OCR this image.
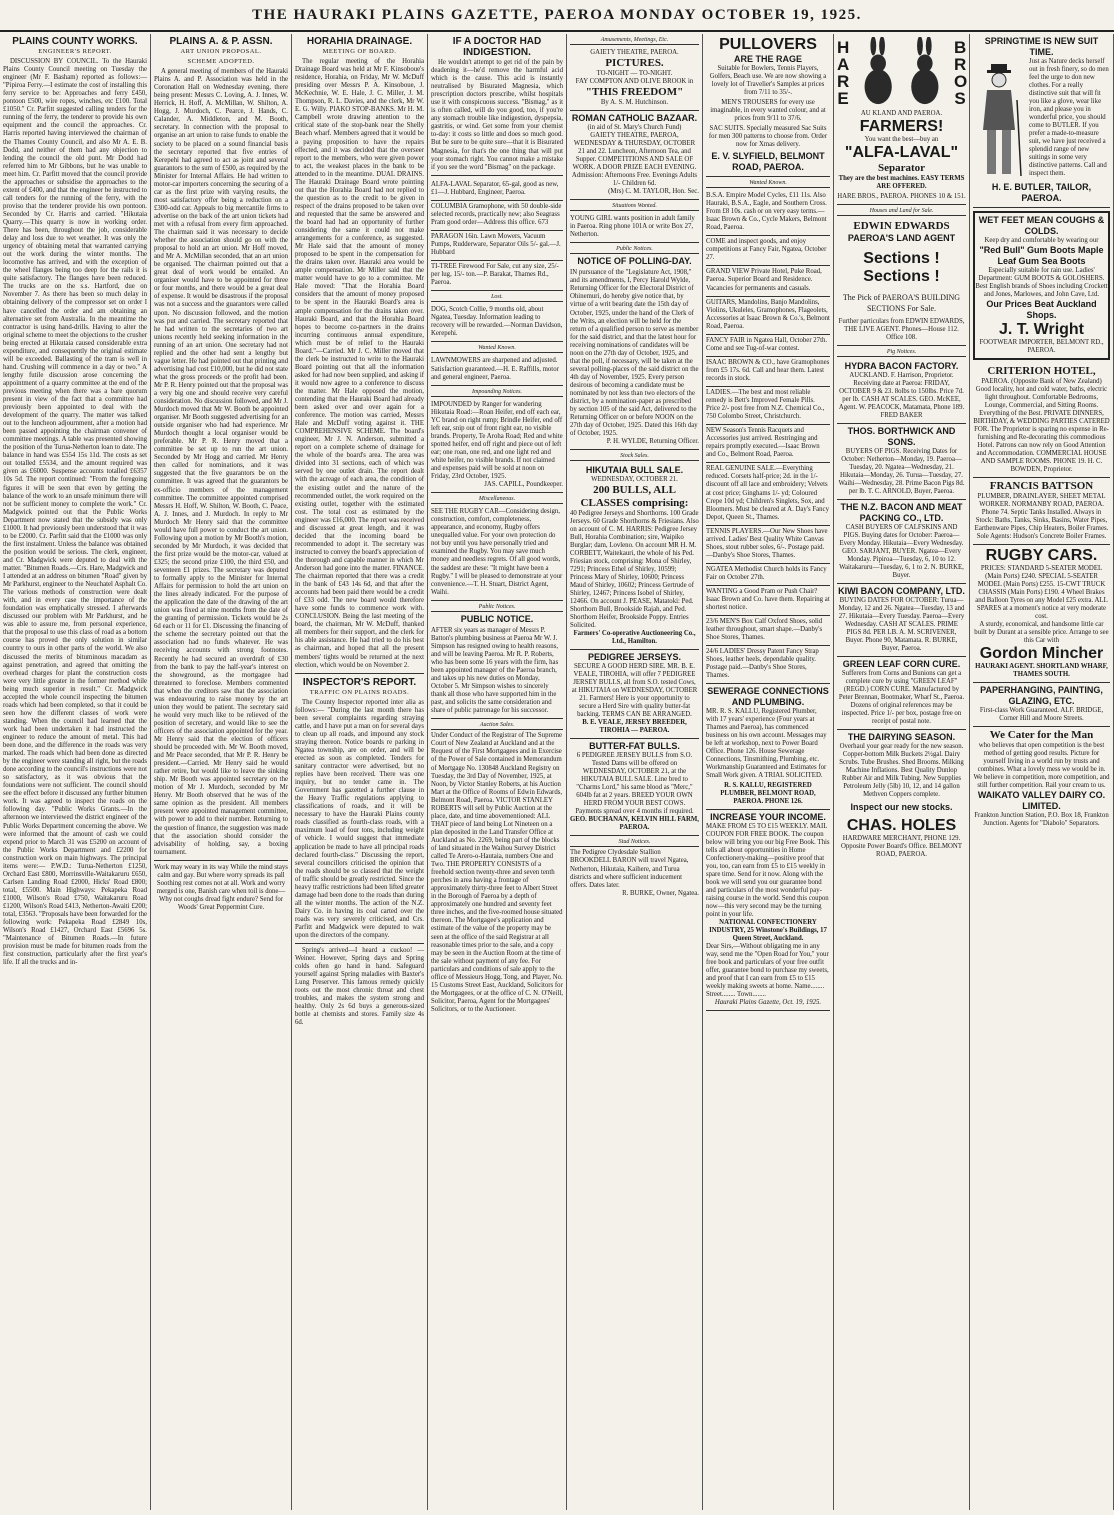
THE HAURAKI PLAINS GAZETTE, PAEROA MONDAY OCTOBER 19, 1925.
PLAINS COUNTY WORKS.
ENGINEER'S REPORT.

DISCUSSION BY COUNCIL. To the Hauraki Plains County Council meeting on Tuesday the engineer (Mr F. Basham) reported as follows:— "Pipiroa Ferry.—I estimate the cost of installing this ferry service to be: Approaches and ferry £450, pontoon £500, wire ropes, winches, etc £100. Total £1050." Cr. Parfitt suggested calling tenders for the running of the ferry, the tenderer to provide his own equipment and the council the approaches. Cr. Harris reported having interviewed the chairman of the Thames County Council, and also Mr A. E. B. Dodd, and neither of them had any objection to lending the council the old punt. Mr Dodd had referred him to Mr Gibbons, but he was unable to meet him. Cr. Parfitt moved that the council provide the approaches or subsidise the approaches to the extent of £400, and that the engineer be instructed to call tenders for the running of the ferry, with the proviso that the tenderer provide his own pontoon. Seconded by Cr. Harris and carried. "Hikutaia Quarry.—This quarry is now in working order. There has been, throughout the job, considerable delay and loss due to wet weather. It was only the urgency of obtaining metal that warranted carrying out the work during the winter months. The locomotive has arrived, and with the exception of the wheel flanges being too deep for the rails it is quite satisfactory. The flanges have been reduced. The trucks are on the s.s. Hartford, due on November 7. As there has been so much delay in obtaining delivery of the compressor set on order I have cancelled the order and am obtaining an alternative set from Australia. In the meantime the contractor is using hand-drills. Having to alter the original scheme to meet the objections to the crusher being erected at Hikutaia caused considerable extra expenditure, and consequently the original estimate will be exceeded. Ballasting of the tram is well in hand. Crushing will commence in a day or two." A lengthy futile discussion arose concerning the appointment of a quarry committee at the end of the previous meeting when there was a bare quorum present in view of the fact that a committee had previously been appointed to deal with the development of the quarry. The matter was talked out to the luncheon adjournment, after a motion had been passed appointing the chairman convener of committee meetings. A table was presented showing the position of the Turua-Netherton loan to date. The balance in hand was £554 15s 11d. The costs as set out totalled £5534, and the amount required was given as £6000. Suspense accounts totalled £6357 10s 5d. The report continued: "From the foregoing figures it will be seen that even by getting the balance of the work to an unsafe minimum there will not be sufficient money to complete the work." Cr. Madgwick pointed out that the Public Works Department now stated that the subsidy was only £1000. It had previously been understood that it was to be £2000. Cr. Parfitt said that the £1000 was only the first instalment. Unless the balance was obtained the position would be serious. The clerk, engineer, and Cr. Madgwick were deputed to deal with the matter. "Bitumen Roads.—Crs. Hare, Madgwick and I attended at an address on bitumen "Road" given by Mr Parkhurst, engineer to the Neuchatel Asphalt Co. The various methods of construction were dealt with, and in every case the importance of the foundation was emphatically stressed. I afterwards discussed our problem with Mr Parkhurst, and he was able to assure me, from personal experience, that the proposal to use this class of road as a bottom course has proved the only solution in similar country to ours in other parts of the world. We also discussed the merits of bituminous macadam as against penetration, and agreed that omitting the overhead charges for plant the construction costs were very little greater in the former method while being much superior in result." Cr. Madgwick accepted the whole council inspecting the bitumen roads which had been completed, so that it could be seen how the different classes of work were standing. When the council had learned that the work had been undertaken it had instructed the engineer to reduce the amount of metal. This had been done, and the difference in the roads was very marked. The roads which had been done as directed by the engineer were standing all right, but the roads done according to the council's instructions were not so satisfactory, as it was obvious that the foundations were not sufficient. The council should see the effect before it discussed any further bitumen work. It was agreed to inspect the roads on the following day. "Public Works Grants.—In the afternoon we interviewed the district engineer of the Public Works Department concerning the above. We were informed that the amount of cash we could expend prior to March 31 was £5200 on account of the Public Works Department and £2200 for construction work on main highways. The principal items were:— P.W.D.: Turua-Netherton £1250, Orchard East £800, Morrinsville-Waitakaruru £650, Carlsen Landing Road £2000, Hicks' Road £800; total, £5500. Main Highways: Pekapeka Road £1000, Wilson's Road £750, Waitakaruru Road £1200, Wilson's Road £413, Netherton-Awaiti £200; total, £3563. "Proposals have been forwarded for the following work: Pekapeka Road £2849 10s, Wilson's Road £1427, Orchard East £5696 5s. "Maintenance of Bitumen Roads.—In future provision must be made for bitumen roads from the first construction, particularly after the first year's life. If all the trucks and in-

PLAINS A. & P. ASSN.
ART UNION PROPOSAL.
SCHEME ADOPTED.

A general meeting of members of the Hauraki Plains A. and P. Association was held in the Coronation Hall on Wednesday evening, there being present: Messrs C. Loving, A. J. Innes, W. Herrick, H. Hoff, A. McMillan, W. Shilton, A. Hogg, J. Murdoch, C. Pearce, J. Hands, C. Calander, A. Middleton, and M. Booth, secretary. In connection with the proposal to organise an art union to raise funds to enable the society to be placed on a sound financial basis the secretary reported that five entries of Kerepehi had agreed to act as joint and several guarantors to the sum of £500, as required by the Minister for Internal Affairs. He had written to motor-car importers concerning the securing of a car as the first prize with varying results, the most satisfactory offer being a reduction on a £300-odd car. Appeals to big mercantile firms to advertise on the back of the art union tickets had met with a refusal from every firm approached. The chairman said it was necessary to decide whether the association should go on with the proposal to hold an art union. Mr Hoff moved, and Mr A. McMillan seconded, that an art union be organised. The chairman pointed out that a great deal of work would be entailed. An organiser would have to be appointed for three or four months, and there would be a great deal of expense. It would be disastrous if the proposal was not a success and the guarantors were called upon. No discussion followed, and the motion was put and carried. The secretary reported that he had written to the secretaries of two art unions recently held seeking information in the running of an art union. One secretary had not replied and the other had sent a lengthy but vague letter. He had pointed out that printing and advertising had cost £10,000, but he did not state what the gross proceeds or the profit had been. Mr P. R. Henry pointed out that the proposal was a very big one and should receive very careful consideration. No discussion followed, and Mr J. Murdoch moved that Mr W. Booth be appointed organiser. Mr Booth suggested advertising for an outside organiser who had had experience. Mr Murdoch thought a local organiser would be preferable. Mr P. R. Henry moved that a committee be set up to run the art union. Seconded by Mr Hogg and carried. Mr Henry then called for nominations, and it was suggested that the five guarantors be on the committee. It was agreed that the guarantors be ex-officio members of the management committee. The committee appointed comprised Messrs H. Hoff, W. Shilton, W. Booth, C. Peace, A. J. Innes, and J. Murdoch. In reply to Mr Murdoch Mr Henry said that the committee would have full power to conduct the art union. Following upon a motion by Mr Booth's motion, seconded by Mr Murdoch, it was decided that the first prize would be the motor-car, valued at £325; the second prize £100, the third £50, and seventeen £1 prizes. The secretary was deputed to formally apply to the Minister for Internal Affairs for permission to hold the art union on the lines already indicated. For the purpose of the application the date of the drawing of the art union was fixed at nine months from the date of the granting of permission. Tickets would be 2s 6d each or 11 for £1. Discussing the financing of the scheme the secretary pointed out that the association had no funds whatever. He was receiving accounts with strong footnotes. Recently he had secured an overdraft of £30 from the bank to pay the half-year's interest on the showground, as the mortgagee had threatened to foreclose. Members commented that when the creditors saw that the association was endeavouring to raise money by the art union they would be patient. The secretary said he would very much like to be relieved of the position of secretary, and would like to see the officers of the association appointed for the year. Mr Henry said that the election of officers should be proceeded with. Mr W. Booth moved, and Mr Peace seconded, that Mr P. R. Henry be president.—Carried. Mr Henry said he would rather retire, but would like to leave the sinking ship. Mr Booth was appointed secretary on the motion of Mr J. Murdoch, seconded by Mr Henry. Mr Booth observed that he was of the same opinion as the president. All members present were appointed management committee, with power to add to their number. Returning to the question of finance, the suggestion was made that the association should consider the advisability of holding, say, a boxing tournament.

Work may weary in its way While the mind stays calm and gay. But where worry spreads its pall Soothing rest comes not at all. Work and worry merged is one, Banish care when toil is done— Why not coughs dread fight endure? Send for Woods' Great Peppermint Cure.

HORAHIA DRAINAGE.
MEETING OF BOARD.

The regular meeting of the Horahia Drainage Board was held at Mr F. Kinsoboue's residence, Horahia, on Friday, Mr W. McDuff presiding over Messrs P. A. Kinsoboue, J. McKechnie, W. E. Hale, J. C. Miller, J. M. Thompson, R. L. Davies, and the clerk, Mr W. E. G. Willy. PIAKO STOP-BANKS. Mr H. M. Campbell wrote drawing attention to the critical state of the stop-bank near the Shelly Beach wharf. Members agreed that it would be a paying proposition to have the repairs effected, and it was decided that the overseer report to the members, who were given power to act, the weakest places in the bank to be attended to in the meantime. DUAL DRAINS. The Hauraki Drainage Board wrote pointing out that the Horahia Board had not replied to the question as to the credit to be given in respect of the drains proposed to be taken over and requested that the same be answered and the board had had an opportunity of further considering the same it could not make arrangements for a conference, as suggested. Mr Hale said that the amount of money proposed to be spent in the compensation for the drains taken over. Hauraki area would be ample compensation. Mr Miller said that the matter would have to go to a committee. Mr Hale moved: "That the Horahia Board considers that the amount of money proposed to be spent in the Hauraki Board's area is ample compensation for the drains taken over. Hauraki Board, and that the Horahia Board hopes to become co-partners in the drains incurring continuous annual expenditure, which must be of relief to the Hauraki Board."—Carried. Mr J. C. Miller moved that the clerk be instructed to write to the Hauraki Board pointing out that all the information asked for had now been supplied, and asking if it would now agree to a conference to discuss the matter. Mr Hale opposed the motion, contending that the Hauraki Board had already been asked over and over again for a conference. The motion was carried, Messrs Hale and McDuff voting against it. THE COMPREHENSIVE SCHEME. The board's engineer, Mr J. N. Anderson, submitted a report on a complete scheme of drainage for the whole of the board's area. The area was divided into 31 sections, each of which was served by one outlet drain. The report dealt with the acreage of each area, the condition of the existing outlet and the nature of the recommended outlet, the work required on the existing outlet, together with the estimated cost. The total cost as estimated by the engineer was £16,000. The report was received and discussed at great length, and it was decided that the incoming board be recommended to adopt it. The secretary was instructed to convey the board's appreciation of the thorough and capable manner in which Mr Anderson had gone into the matter. FINANCE. The chairman reported that there was a credit in the bank of £43 14s 6d, and that after the accounts had been paid there would be a credit of £33 odd. The new board would therefore have some funds to commence work with. CONCLUSION. Being the last meeting of the board, the chairman, Mr W. McDuff, thanked all members for their support, and the clerk for his able assistance. He had tried to do his best as chairman, and hoped that all the present members' tights would be returned at the next election, which would be on November 2.

INSPECTOR'S REPORT.
TRAFFIC ON PLAINS ROADS.

The County Inspector reported inter alia as follows:— "During the last month there has been several complaints regarding straying cattle, and I have put a man on for several days to clean up all roads, and impound any stock straying thereon. Notice boards re parking in Ngatea township, are on order, and will be erected as soon as completed. Tenders for sanitary contractor were advertised, but no replies have been received. There was one inquiry, but no tender came in. The Government has gazetted a further clause in the Heavy Traffic regulations applying to classifications of roads, and it will be necessary to have the Hauraki Plains county roads classified as fourth-class roads, with a maximum load of four tons, including weight of vehicle. I would suggest that immediate application be made to have all principal roads declared fourth-class." Discussing the report, several councillors criticised the opinion that the roads should be so classed that the weight of traffic should be greatly restricted. Since the heavy traffic restrictions had been lifted greater damage had been done to the roads than during all the winter months. The action of the N.Z. Dairy Co. in having its coal carted over the roads was very severely criticised, and Crs. Parfitt and Madgwick were deputed to wait upon the directors of the company.

Spring's arrived—I heard a cuckoo! —Weiner. However, Spring days and Spring colds often go hand in hand. Safeguard yourself against Spring maladies with Baxter's Lung Preserver. This famous remedy quickly roots out the most chronic throat and chest troubles, and makes the system strong and healthy. Only 2s 6d buys a generous-sized bottle at chemists and stores. Family size 4s 6d.

IF A DOCTOR HAD INDIGESTION.

He wouldn't attempt to get rid of the pain by deadening it—he'd remove the harmful acid which is the cause. This acid is instantly neutralised by Bisurated Magnesia, which prescription doctors prescribe, whilst hospitals use it with conspicuous success. "Bismag," as it is often called, will do you good, too, if you're any stomach trouble like indigestion, dyspepsia, gastritis, or wind. Get some from your chemist to-day: it costs so little and does so much good. But be sure to be quite sure—that it is Bisurated Magnesia, for that's the one thing that will put your stomach right. You cannot make a mistake if you see the word "Bismag" on the package.

ALFA-LAVAL Separator, 65-gal, good as new, £1—J. Hubbard, Engineer, Paeroa.
COLUMBIA Gramophone, with 50 double-side selected records, practically new; also Seagrass Pram good order—Address this office. 673
PARAGON 16in. Lawn Mowers, Vacuum Pumps, Rudderware, Separator Oils 5/- gal.—J. Hubbard
TI-TREE Firewood For Sale, cut any size, 25/- per lug, 15/- ton.—P. Barakat, Thames Rd., Paeroa.
Lost.
DOG, Scotch Collie, 9 months old, about Ngatea, Tuesday. Information leading to recovery will be rewarded.—Norman Davidson, Kerepehi.
Wanted Known.
LAWNMOWERS are sharpened and adjusted. Satisfaction guaranteed.—H. E. Raffills, motor and general engineer, Paeroa.
Impounding Notices.
IMPOUNDED by Ranger for wandering Hikutaia Road:—Roan Heifer, end off each ear, YC brand on right rump; Brindle Heifer, end off left ear, snip out of front right ear, no visible brands. Property, Te Aroha Road; Red and white spotted heifer, end off right and piece out of left ear; one roan, one red, and one light red and white heifer, no visible brands. If not claimed and expenses paid will be sold at noon on Friday, 23rd October, 1925.

JAS. CAPILL, Poundkeeper.
Miscellaneous.
SEE THE RUGBY CAR—Considering design, construction, comfort, completeness, appearance, and economy, Rugby offers unequalled value. For your own protection do not buy until you have personally tried and examined the Rugby. You may save much money and needless regrets. Of all good words, the saddest are these: "It might have been a Rugby." I will be pleased to demonstrate at your convenience.—T. H. Stuart, District Agent, Waihi.
Public Notices.
PUBLIC NOTICE.
AFTER six years as manager of Messrs P. Batton's plumbing business at Paeroa Mr W. J. Simpson has resigned owing to health reasons, and will be leaving Paeroa. Mr R. P. Roberts, who has been some 16 years with the firm, has been appointed manager of the Paeroa branch, and takes up his new duties on Monday, October 5. Mr Simpson wishes to sincerely thank all those who have supported him in the past, and solicits the same consideration and share of public patronage for his successor.
Auction Sales.
Under Conduct of the Registrar of The Supreme Court of New Zealand at Auckland and at the Request of the First Mortgagees and in Exercise of the Power of Sale contained in Memorandum of Mortgage No. 130848 Auckland Registry on Tuesday, the 3rd Day of November, 1925, at Noon, by Victor Stanley Roberts, at his Auction Mart at the Office of Rooms of Edwin Edwards, Belmont Road, Paeroa. VICTOR STANLEY ROBERTS will sell by Public Auction at the place, date, and time abovementioned: ALL THAT piece of land being Lot Nineteen on a plan deposited in the Land Transfer Office at Auckland as No. 2269, being part of the blocks of land situated in the Waihou Survey District called Te Arero-o-Hautaia, numbers One and Two. THE PROPERTY CONSISTS of a freehold section twenty-three and seven tenth perches in area having a frontage of approximately thirty-three feet to Albert Street in the Borough of Paeroa by a depth of approximately one hundred and seventy feet three inches, and the five-roomed house situated thereon. The Mortgagee's application and estimate of the value of the property may be seen at the office of the said Registrar at all reasonable times prior to the sale, and a copy may be seen in the Auction Room at the time of the sale without payment of any fee. For particulars and conditions of sale apply to the office of Messieurs Hogg, Tong, and Player, No. 15 Customs Street East, Auckland, Solicitors for the Mortgagees, or at the office of C. N. O'Neill, Solicitor, Paeroa, Agent for the Mortgagees' Solicitors, or to the Auctioneer.
Amusements, Meetings, Etc.
GAIETY THEATRE, PAEROA.
PICTURES.
TO-NIGHT — TO-NIGHT.
FAY COMPTON AND OLIVE BROOK in
"THIS FREEDOM"
By A. S. M. Hutchinson.
ROMAN CATHOLIC BAZAAR.
(in aid of St. Mary's Church Fund)
GAIETY THEATRE, PAEROA, WEDNESDAY & THURSDAY, OCTOBER 21 and 22. Luncheon, Afternoon Tea, and Supper. COMPETITIONS AND SALE OF WORK. A DOOR PRIZE EACH EVENING. Admission: Afternoons Free. Evenings Adults 1/- Children 6d.
(Mrs) C. M. TAYLOR, Hon. Sec.
Situations Wanted.
YOUNG GIRL wants position in adult family in Paeroa. Ring phone 101A or write Box 27, Netherton.
Public Notices.
NOTICE OF POLLING-DAY.
IN pursuance of the "Legislature Act, 1908," and its amendments, I, Percy Harold Wylde, Returning Officer for the Electoral District of Ohinemuri, do hereby give notice that, by virtue of a writ bearing date the 15th day of October, 1925, under the hand of the Clerk of the Writs, an election will be held for the return of a qualified person to serve as member for the said district, and that the latest hour for receiving nominations of candidates will be noon on the 27th day of October, 1925, and that the poll, if necessary, will be taken at the several polling-places of the said district on the 4th day of November, 1925. Every person desirous of becoming a candidate must be nominated by not less than two electors of the district, by a nomination-paper as prescribed by section 105 of the said Act, delivered to the Returning Officer on or before NOON on the 27th day of October, 1925. Dated this 16th day of October, 1925.
P. H. WYLDE, Returning Officer.
Stock Sales.
HIKUTAIA BULL SALE.
WEDNESDAY, OCTOBER 21.
200 BULLS, ALL CLASSES comprising:
40 Pedigree Jerseys and Shorthorns. 100 Grade Jerseys. 60 Grade Shorthorns & Friesians. Also on account of C. M. HARRIS: Pedigree Jersey Bull, Horahia Combination; sire, Waipiko Burglar; dam, Lovleno. On account MR H. M. CORBETT, Waitekauri, the whole of his Ped. Friesian stock, comprising: Mona of Shirley, 7291; Princess Ethel of Shirley, 10599; Princess Mary of Shirley, 10600; Princess Maud of Shirley, 10602; Princess Gertrude of Shirley, 12467; Princess Isobel of Shirley, 12466. On account J. PEASE, Matatoki: Ped. Shorthorn Bull, Brookside Rajah, and Ped. Shorthorn Heifer, Brookside Poppy. Entries Solicited.
Farmers' Co-operative Auctioneering Co., Ltd., Hamilton.
PEDIGREE JERSEYS.
SECURE A GOOD HERD SIRE. MR. B. E. VEALE, TIROHIA, will offer 7 PEDIGREE JERSEY BULLS, all from S.O. tested Cows, at HIKUTAIA on WEDNESDAY, OCTOBER 21. Farmers! Here is your opportunity to secure a Herd Sire with quality butter-fat backing. TERMS CAN BE ARRANGED.
B. E. VEALE, JERSEY BREEDER, TIROHIA — PAEROA.
BUTTER-FAT BULLS.
6 PEDIGREE JERSEY BULLS from S.O. Tested Dams will be offered on WEDNESDAY, OCTOBER 21, at the HIKUTAIA BULL SALE. Line bred to "Charms Lord," his same blood as "Merc," 604lb fat at 2 years. BREED YOUR OWN HERD FROM YOUR BEST COWS. Payments spread over 4 months if required.
GEO. BUCHANAN, KELVIN HILL FARM, PAEROA.
Stud Notices.
The Pedigree Clydesdale Stallion BROOKDELL BARON will travel Ngatea, Netherton, Hikutaia, Kaihere, and Turua districts and where sufficient inducement offers. Dates later.
R. BURKE, Owner, Ngatea.
PULLOVERS
ARE THE RAGE
Suitable for Bowlers, Tennis Players, Golfers, Beach use. We are now showing a lovely lot of Travelier's Samples at prices from 7/11 to 35/-.
MEN'S TROUSERS for every use imaginable, in every wanted colour, and at prices from 9/11 to 37/6.
SAC SUITS. Specially measured Sac Suits for men 300 patterns to choose from. Order now for Xmas delivery.
E. V. SLYFIELD, BELMONT ROAD, PAEROA.
Wanted Known.
B.S.A. Empire Model Cycles, £11 11s. Also Hauraki, B.S.A., Eagle, and Southern Cross. From £8 10s. cash or on very easy terms.—Isaac Brown & Co., Cycle Makers, Belmont Road, Paeroa.
COME and inspect goods, and enjoy competitions at Fancy Fair, Ngatea, October 27.
GRAND VIEW Private Hotel, Puke Road, Paeroa. Superior Board and Residence. Vacancies for permanents and casuals.
GUITARS, Mandolins, Banjo Mandolins, Violins, Ukuleles, Gramophones, Flageolets, Accessories at Isaac Brown & Co.'s, Belmont Road, Paeroa.
FANCY FAIR in Ngatea Hall, October 27th. Come and see Tug-of-war contest.
ISAAC BROWN & CO., have Gramophones from £5 17s. 6d. Call and hear them. Latest records in stock.
LADIES.—The best and most reliable remedy is Bett's Improved Female Pills. Price 2/- post free from N.Z. Chemical Co., 750 Colombo Street, Christchurch.
NEW Season's Tennis Racquets and Accessories just arrived. Restringing and repairs promptly executed.—Isaac Brown and Co., Belmont Road, Paeroa.
REAL GENUINE SALE.—Everything reduced. Corsets half-price; 2d. in the 1/- discount off all lace and embroidery; Velvets at cost price; Ginghams 1/- yd; Coloured Crepe 10d yd; Children's Singlets, Sox, and Bloomers. Must be cleared at A. Day's Fancy Depot, Queen St., Thames.
TENNIS PLAYERS.—Our New Shoes have arrived. Ladies' Best Quality White Canvas Shoes, stout rubber soles, 6/-. Postage paid.—Danby's Shoe Stores, Thames.
NGATEA Methodist Church holds its Fancy Fair on October 27th.
WANTING a Good Pram or Push Chair? Isaac Brown and Co. have them. Repairing at shortest notice.
23/6 MEN'S Box Calf Oxford Shoes, solid leather throughout, smart shape.—Danby's Shoe Stores, Thames.
24/6 LADIES' Dressy Patent Fancy Strap Shoes, leather heels, dependable quality. Postage paid.—Danby's Shoe Stores, Thames.
SEWERAGE CONNECTIONS AND PLUMBING.
MR. R. S. KALLU, Registered Plumber, with 17 years' experience (Four years at Thames and Paeroa), has commenced business on his own account. Messages may be left at workshop, next to Power Board Office. Phone 126. House Sewerage Connections, Tinsmithing, Plumbing, etc. Workmanship Guaranteed and Estimates for Small Work given. A TRIAL SOLICITED.
R. S. KALLU, REGISTERED PLUMBER, BELMONT ROAD, PAEROA. PHONE 126.
INCREASE YOUR INCOME.
MAKE FROM £5 TO £15 WEEKLY. MAIL COUPON FOR FREE BOOK. The coupon below will bring you our big Free Book. This tells all about opportunities in Home Confectionery-making—positive proof that you, too, can earn from £5 to £15 weekly in spare time. Send for it now. Along with the book we will send you our guarantee bond and particulars of the most wonderful pay-raising course in the world. Send this coupon now—this very second may be the turning point in your life.
NATIONAL CONFECTIONERY INDUSTRY, 25 Winstone's Buildings, 17 Queen Street, Auckland.
Dear Sirs,—Without obligating me in any way, send me the "Open Road for You," your free book and particulars of your free outfit offer, guarantee bond to purchase my sweets, and proof that I can earn from £5 to £15 weekly making sweets at home. Name........ Street........ Town........
Hauraki Plains Gazette, Oct. 19, 1925.
HARE
BROS
AU KLAND AND PAEROA.
FARMERS!
You want the best—buy an
"ALFA-LAVAL"
Separator
They are the best machines. EASY TERMS ARE OFFERED.
HARE BROS., PAEROA. PHONES 10 & 151.
Houses and Land for Sale.
EDWIN EDWARDS
PAEROA'S LAND AGENT
Sections ! Sections !
The Pick of PAEROA'S BUILDING SECTIONS For Sale.
Further particulars from EDWIN EDWARDS, THE LIVE AGENT. Phones—House 112. Office 108.
Pig Notices.
HYDRA BACON FACTORY.
AUCKLAND. F. Harrison, Proprietor. Receiving date at Paeroa: FRIDAY, OCTOBER 9 & 23. 8olbs to 150lbs. Price 7d. per lb. CASH AT SCALES. GEO. McKEE, Agent. W. PEACOCK, Matamata, Phone 189. FRED BAKER
THOS. BORTHWICK AND SONS.
BUYERS OF PIGS. Receiving Dates for October: Netherton—Monday, 19. Paeroa—Tuesday, 20. Ngatea—Wednesday, 21. Hikutaia—Monday, 26. Turua—Tuesday, 27. Waihi—Wednesday, 28. Prime Bacon Pigs 8d. per lb. T. C. ARNOLD, Buyer, Paeroa.
THE N.Z. BACON AND MEAT PACKING CO., LTD.
CASH BUYERS OF CALFSKINS AND PIGS. Buying dates for October: Paeroa—Every Monday. Hikutaia—Every Wednesday. GEO. SARJANT, BUYER. Ngatea—Every Monday. Pipiroa—Tuesday, 6, 10 to 12. Waitakaruru—Tuesday, 6, 1 to 2. N. BURKE, Buyer.
KIWI BACON COMPANY, LTD.
BUYING DATES FOR OCTOBER: Turua—Monday, 12 and 26. Ngatea—Tuesday, 13 and 27. Hikutaia—Every Tuesday. Paeroa—Every Wednesday. CASH AT SCALES. PRIME PIGS 8d. PER LB. A. M. SCRIVENER, Buyer. Phone 90, Matamata. R. BURKE, Buyer, Paeroa.
GREEN LEAF CORN CURE.
Sufferers from Corns and Bunions can get a complete cure by using "GREEN LEAF" (REGD.) CORN CURE. Manufactured by Peter Brennan, Bootmaker, Wharf St., Paeroa. Dozens of original references may be inspected. Price 1/- per box, postage free on receipt of postal note.
THE DAIRYING SEASON.
Overhaul your gear ready for the new season. Copper-bottom Milk Buckets 2½gal. Dairy Scrubs. Tube Brushes. Shed Brooms. Milking Machine Inflations. Best Quality Dunlop Rubber Air and Milk Tubing. New Supplies Petroleum Jelly (5lb) 10, 12, and 14 gallon Methven Coppers complete.
Inspect our new stocks.
CHAS. HOLES
HARDWARE MERCHANT, PHONE 129. Opposite Power Board's Office. BELMONT ROAD, PAEROA.
SPRINGTIME IS NEW SUIT TIME.
Just as Nature decks herself out in fresh finery, so do men feel the urge to don new clothes. For a really distinctive suit that will fit you like a glove, wear like iron, and please you in wonderful price, you should come to BUTLER. If you prefer a made-to-measure suit, we have just received a splendid range of new suitings in some very distinctive patterns. Call and inspect them.
H. E. BUTLER, TAILOR, PAEROA.
WET FEET MEAN COUGHS & COLDS.
Keep dry and comfortable by wearing our
"Red Bull" Gum Boots Maple Leaf Gum Sea Boots
Especially suitable for rain use. Ladies' Department: GUM BOOTS & GOLOSHERS. Best English brands of Shoes including Crockett and Jones, Marlowes, and John Cave, Ltd.
Our Prices Beat Auckland Shops.
J. T. Wright
FOOTWEAR IMPORTER, BELMONT RD., PAEROA.
CRITERION HOTEL,
PAEROA. (Opposite Bank of New Zealand)
Good locality, hot and cold water, baths, electric light throughout. Comfortable Bedrooms, Lounge, Commercial, and Sitting Rooms. Everything of the Best. PRIVATE DINNERS, BIRTHDAY, & WEDDING PARTIES CATERED FOR. The Proprietor is sparing no expense in Re-furnishing and Re-decorating this commodious Hotel. Patrons can now rely on Good Attention and Accommodation. COMMERCIAL HOUSE AND SAMPLE ROOMS. PHONE 19. H. C. BOWDEN, Proprietor.
FRANCIS BATTSON
PLUMBER, DRAINLAYER, SHEET METAL WORKER. NORMANBY ROAD, PAEROA. Phone 74. Septic Tanks Installed. Always in Stock: Baths, Tanks, Sinks, Basins, Water Pipes, Earthenware Pipes, Chip Heaters, Boiler Frames. Sole Agents: Hudson's Concrete Boiler Frames.
RUGBY CARS.
PRICES: STANDARD 5-SEATER MODEL (Main Ports) £240. SPECIAL 5-SEATER MODEL (Main Ports) £255. 15-CWT TRUCK CHASSIS (Main Ports) £190. 4 Wheel Brakes and Balloon Tyres on any Model £25 extra. ALL SPARES at a moment's notice at very moderate cost.
A sturdy, economical, and handsome little car built by Durant at a sensible price. Arrange to see this Car with
Gordon Mincher
HAURAKI AGENT. SHORTLAND WHARF, THAMES SOUTH.
PAPERHANGING, PAINTING, GLAZING, ETC.
First-class Work Guaranteed. ALF. BRIDGE, Corner Hill and Moore Streets.
We Cater for the Man
who believes that open competition is the best method of getting good results. Picture for yourself living in a world run by trusts and combines. What a lovely mess we would be in. We believe in competition, more competition, and still further competition. Rail your cream to us.
WAIKATO VALLEY DAIRY CO. LIMITED.
Frankton Junction Station, P.O. Box 18, Frankton Junction. Agents for "Diabolo" Separators.
